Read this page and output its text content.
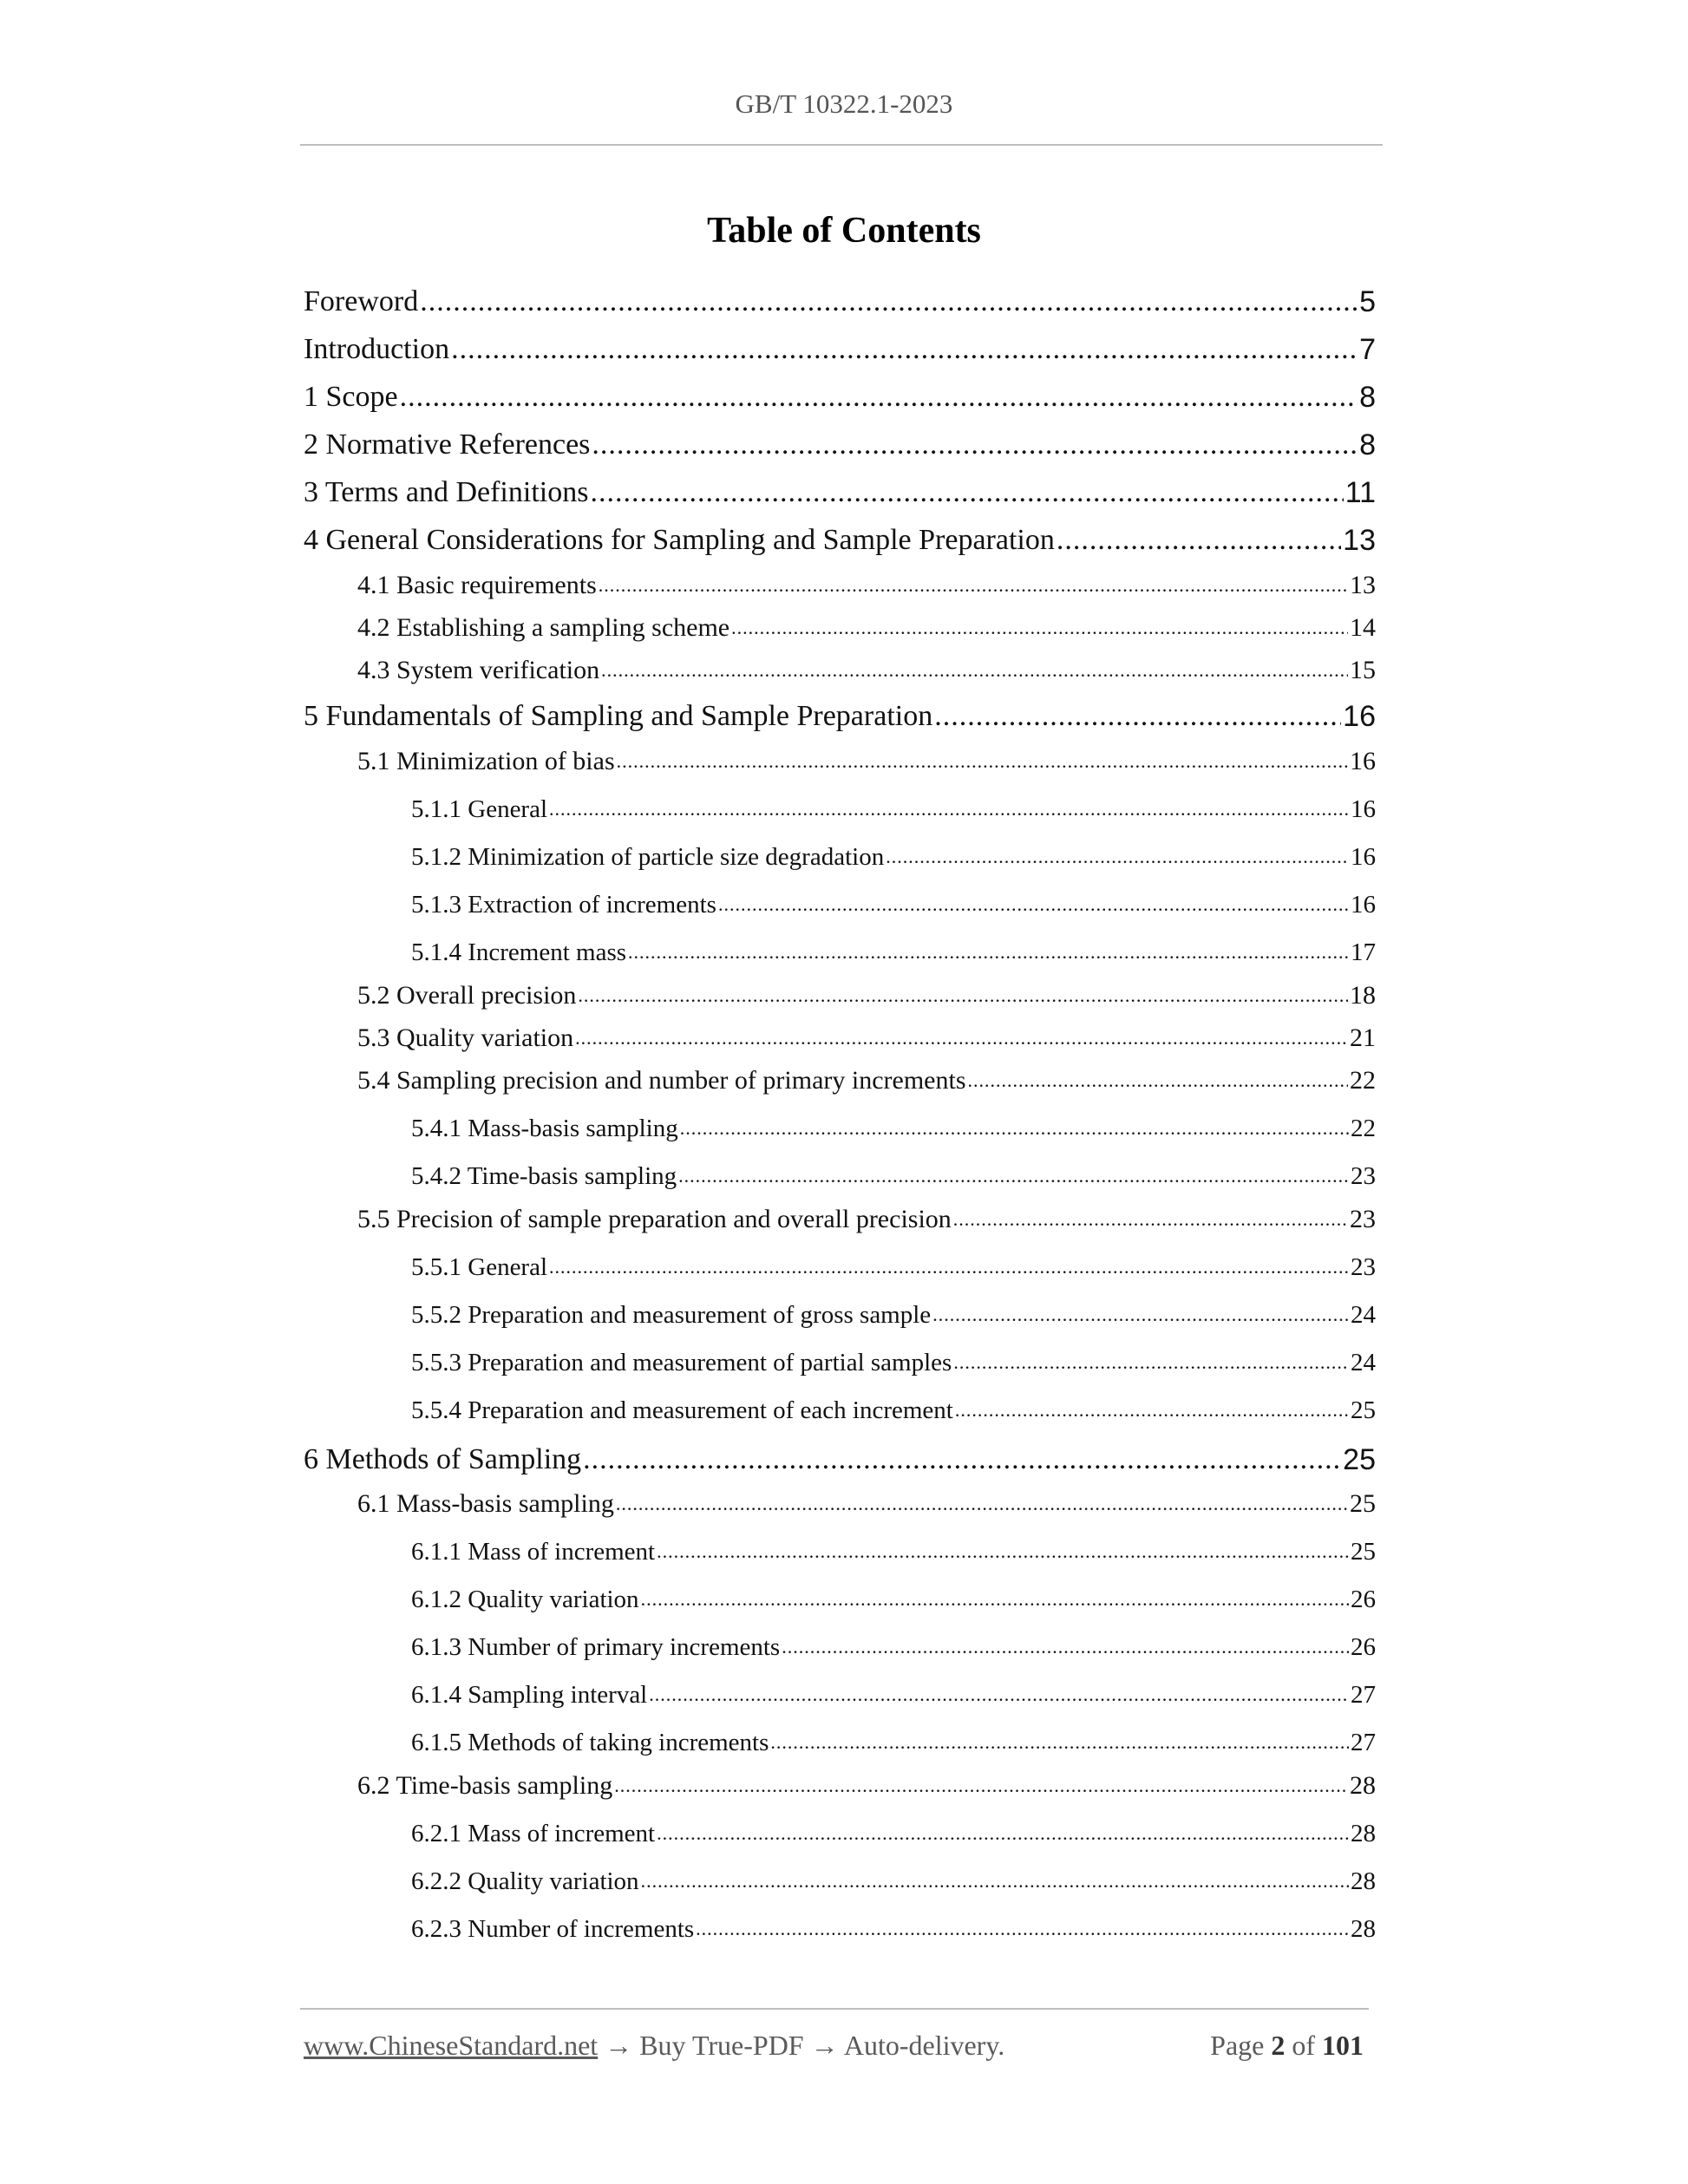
GB/T 10322.1-2023
Table of Contents
Foreword .....	5
Introduction .....	7
1 Scope .....	8
2 Normative References .....	8
3 Terms and Definitions .....	11
4 General Considerations for Sampling and Sample Preparation .....	13
4.1 Basic requirements .....	13
4.2 Establishing a sampling scheme .....	14
4.3 System verification .....	15
5 Fundamentals of Sampling and Sample Preparation .....	16
5.1 Minimization of bias .....	16
5.1.1 General .....	16
5.1.2 Minimization of particle size degradation .....	16
5.1.3 Extraction of increments .....	16
5.1.4 Increment mass .....	17
5.2 Overall precision .....	18
5.3 Quality variation .....	21
5.4 Sampling precision and number of primary increments .....	22
5.4.1 Mass-basis sampling .....	22
5.4.2 Time-basis sampling .....	23
5.5 Precision of sample preparation and overall precision .....	23
5.5.1 General .....	23
5.5.2 Preparation and measurement of gross sample .....	24
5.5.3 Preparation and measurement of partial samples .....	24
5.5.4 Preparation and measurement of each increment .....	25
6 Methods of Sampling .....	25
6.1 Mass-basis sampling .....	25
6.1.1 Mass of increment .....	25
6.1.2 Quality variation .....	26
6.1.3 Number of primary increments .....	26
6.1.4 Sampling interval .....	27
6.1.5 Methods of taking increments .....	27
6.2 Time-basis sampling .....	28
6.2.1 Mass of increment .....	28
6.2.2 Quality variation .....	28
6.2.3 Number of increments .....	28
www.ChineseStandard.net → Buy True-PDF → Auto-delivery.	Page 2 of 101
